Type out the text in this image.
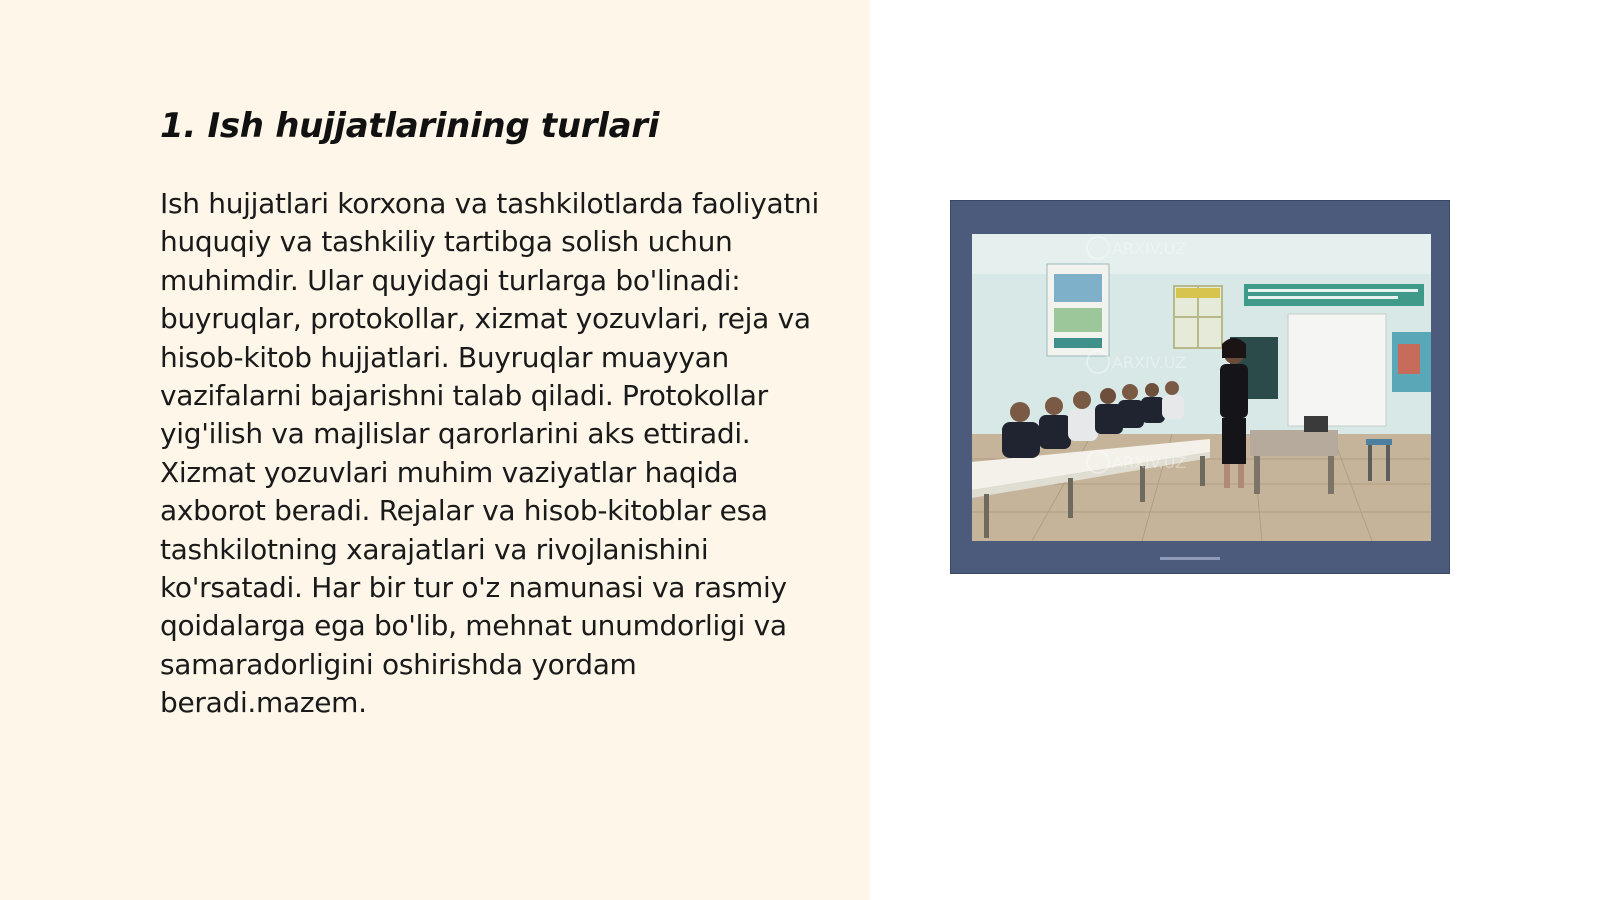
1. Ish hujjatlarining turlari

Ish hujjatlari korxona va tashkilotlarda faoliyatni huquqiy va tashkiliy tartibga solish uchun muhimdir. Ular quyidagi turlarga bo'linadi: buyruqlar, protokollar, xizmat yozuvlari, reja va hisob-kitob hujjatlari. Buyruqlar muayyan vazifalarni bajarishni talab qiladi. Protokollar yig'ilish va majlislar qarorlarini aks ettiradi. Xizmat yozuvlari muhim vaziyatlar haqida axborot beradi. Rejalar va hisob-kitoblar esa tashkilotning xarajatlari va rivojlanishini ko'rsatadi. Har bir tur o'z namunasi va rasmiy qoidalarga ega bo'lib, mehnat unumdorligi va samaradorligini oshirishda yordam beradi.mazem.

ARXIV.UZ
ARXIV.UZ
ARXIV.UZ
